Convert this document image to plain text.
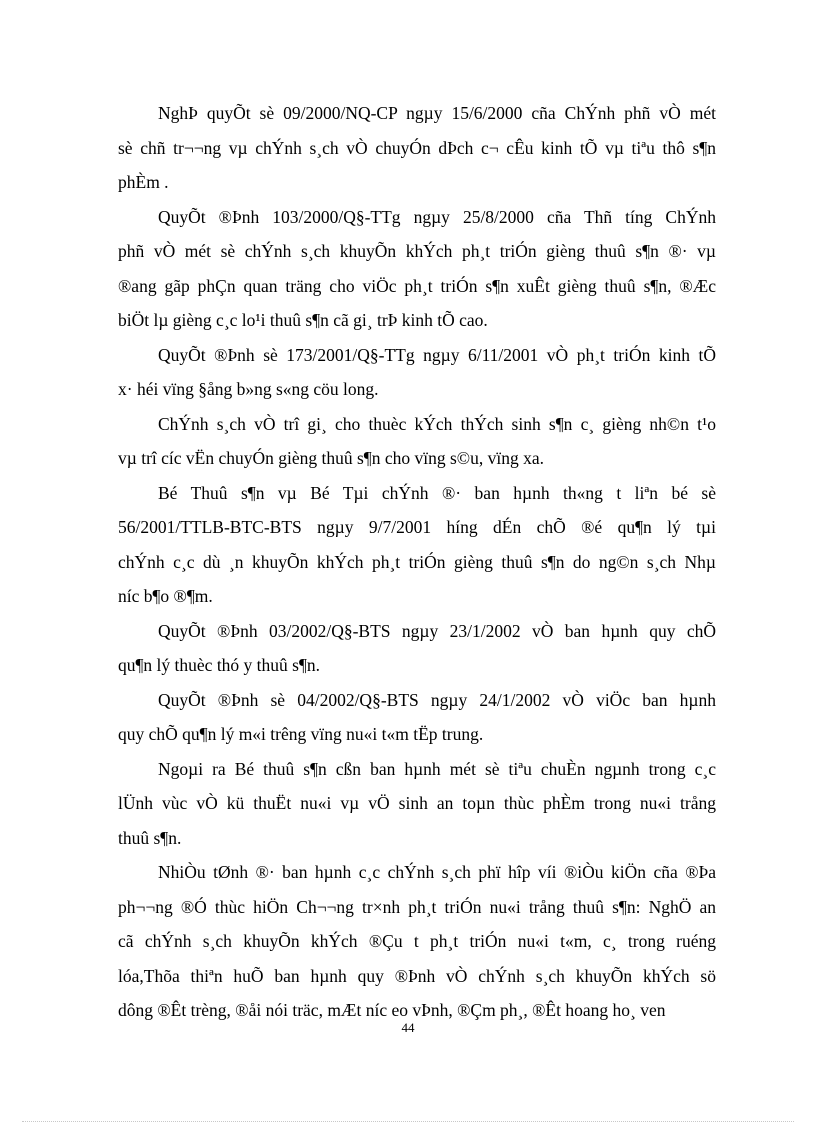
NghÞ quyÕt sè 09/2000/NQ-CP ngµy 15/6/2000 cña ChÝnh phñ vÒ mét
sè chñ tr¬¬ng vµ chÝnh s¸ch vÒ chuyÓn dÞch c¬ cÊu kinh tÕ vµ tiªu thô s¶n
phÈm .
QuyÕt ®Þnh 103/2000/Q§-TTg ngµy 25/8/2000 cña Thñ tíng ChÝnh
phñ vÒ mét sè chÝnh s¸ch khuyÕn khÝch ph¸t triÓn gièng thuû s¶n ®· vµ
®ang gãp phÇn quan träng cho viÖc ph¸t triÓn s¶n xuÊt gièng thuû s¶n, ®Æc
biÖt lµ gièng c¸c lo¹i thuû s¶n cã gi¸ trÞ kinh tÕ cao.
QuyÕt ®Þnh sè 173/2001/Q§-TTg ngµy 6/11/2001 vÒ ph¸t triÓn kinh tÕ
x· héi vïng §ång b»ng s«ng cöu long.
ChÝnh s¸ch vÒ trî gi¸ cho thuèc kÝch thÝch sinh s¶n c¸ gièng nh©n t¹o
vµ trî cíc vËn chuyÓn gièng thuû s¶n cho vïng s©u, vïng xa.
Bé Thuû s¶n vµ Bé Tµi chÝnh ®· ban hµnh th«ng t liªn bé sè
56/2001/TTLB-BTC-BTS ngµy 9/7/2001 híng dÉn chÕ ®é qu¶n lý tµi
chÝnh c¸c dù ¸n khuyÕn khÝch ph¸t triÓn gièng thuû s¶n do ng©n s¸ch Nhµ
níc b¶o ®¶m.
QuyÕt ®Þnh 03/2002/Q§-BTS ngµy 23/1/2002 vÒ ban hµnh quy chÕ
qu¶n lý thuèc thó y thuû s¶n.
QuyÕt ®Þnh sè 04/2002/Q§-BTS ngµy 24/1/2002 vÒ viÖc ban hµnh
quy chÕ qu¶n lý m«i trêng vïng nu«i t«m tËp trung.
Ngoµi ra Bé thuû s¶n cßn ban hµnh mét sè tiªu chuÈn ngµnh trong c¸c
lÜnh vùc vÒ kü thuËt nu«i vµ vÖ sinh an toµn thùc phÈm trong nu«i trång
thuû s¶n.
NhiÒu tØnh ®· ban hµnh c¸c chÝnh s¸ch phï hîp víi ®iÒu kiÖn cña ®Þa
ph¬¬ng ®Ó thùc hiÖn Ch¬¬ng tr×nh ph¸t triÓn nu«i trång thuû s¶n: NghÖ an
cã chÝnh s¸ch khuyÕn khÝch ®Çu t ph¸t triÓn nu«i t«m, c¸ trong ruéng
lóa,Thõa thiªn huÕ ban hµnh quy ®Þnh vÒ chÝnh s¸ch khuyÕn khÝch sö
dông ®Êt trèng, ®åi nói träc, mÆt níc eo vÞnh, ®Çm ph¸, ®Êt hoang ho¸ ven
44
